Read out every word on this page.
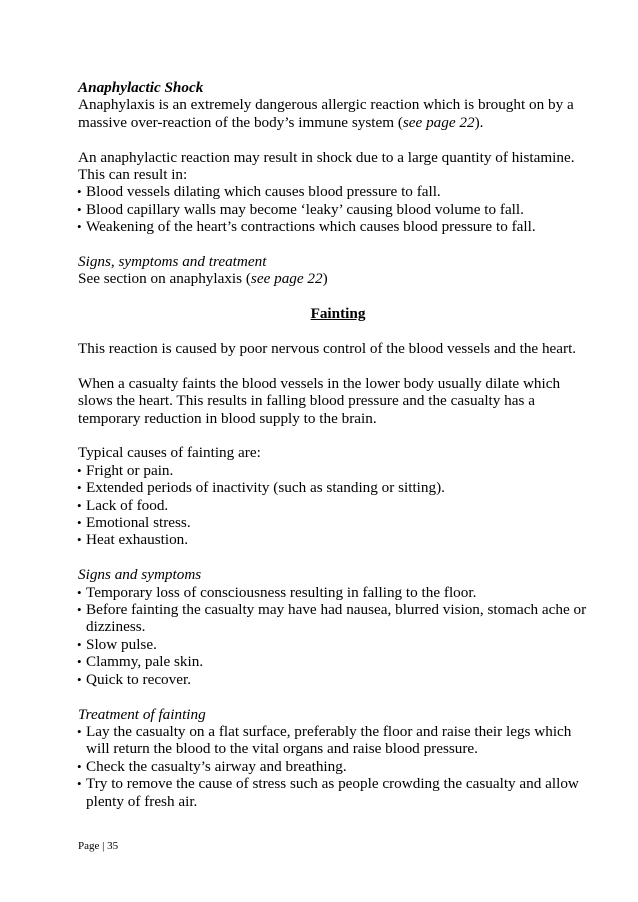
Anaphylactic Shock

Anaphylaxis is an extremely dangerous allergic reaction which is brought on by a massive over-reaction of the body’s immune system (see page 22).

An anaphylactic reaction may result in shock due to a large quantity of histamine. This can result in:

• Blood vessels dilating which causes blood pressure to fall.
• Blood capillary walls may become ‘leaky’ causing blood volume to fall.
• Weakening of the heart’s contractions which causes blood pressure to fall.

Signs, symptoms and treatment

See section on anaphylaxis (see page 22)

Fainting

This reaction is caused by poor nervous control of the blood vessels and the heart.

When a casualty faints the blood vessels in the lower body usually dilate which slows the heart. This results in falling blood pressure and the casualty has a temporary reduction in blood supply to the brain.

Typical causes of fainting are:

• Fright or pain.
• Extended periods of inactivity (such as standing or sitting).
• Lack of food.
• Emotional stress.
• Heat exhaustion.

Signs and symptoms

• Temporary loss of consciousness resulting in falling to the floor.
• Before fainting the casualty may have had nausea, blurred vision, stomach ache or dizziness.
• Slow pulse.
• Clammy, pale skin.
• Quick to recover.

Treatment of fainting

• Lay the casualty on a flat surface, preferably the floor and raise their legs which will return the blood to the vital organs and raise blood pressure.
• Check the casualty’s airway and breathing.
• Try to remove the cause of stress such as people crowding the casualty and allow plenty of fresh air.
Page | 35
